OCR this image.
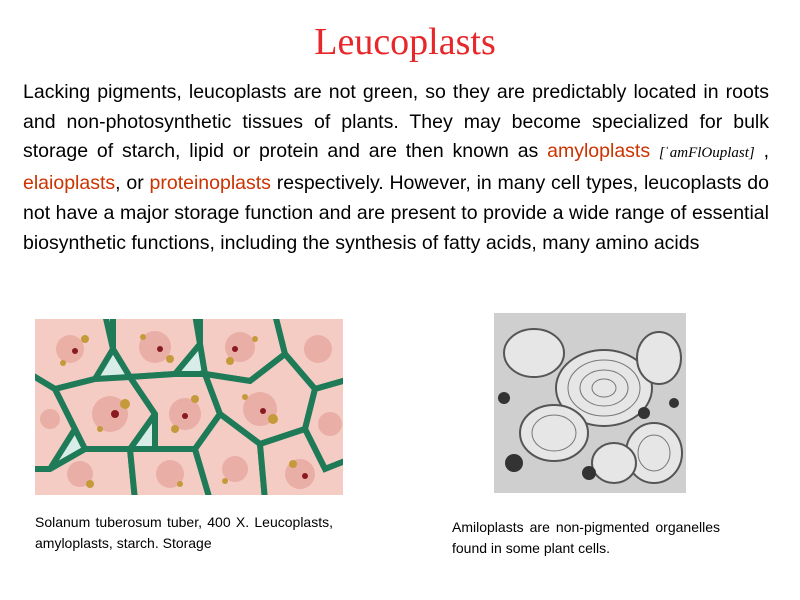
Leucoplasts
Lacking pigments, leucoplasts are not green, so they are predictably located in roots and non-photosynthetic tissues of plants. They may become specialized for bulk storage of starch, lipid or protein and are then known as amyloplasts [ˈamFlOuplast] , elaioplasts, or proteinoplasts respectively. However, in many cell types, leucoplasts do not have a major storage function and are present to provide a wide range of essential biosynthetic functions, including the synthesis of fatty acids, many amino acids
Solanum tuberosum tuber, 400 X. Leucoplasts, amyloplasts, starch. Storage
Amiloplasts are non-pigmented organelles found in some plant cells.
